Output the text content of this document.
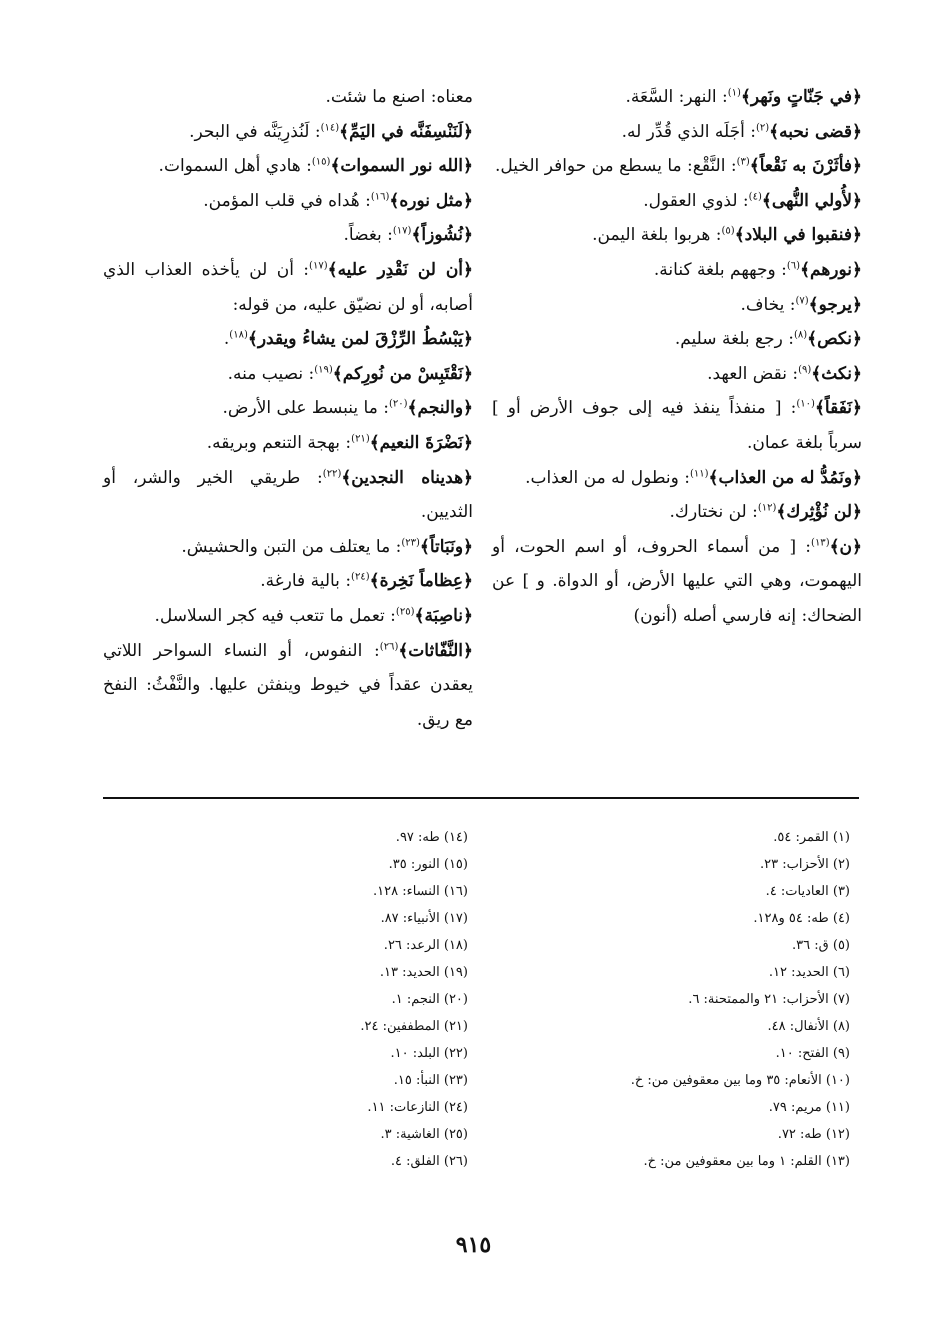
﴿في جَنّاتٍ ونَهر﴾$^{(١)}$: النهر: السَّعَة.

﴿قضى نحبه﴾$^{(٢)}$: أجَلَه الذي قُدِّر له.

﴿فأثَرْنَ به نَقْعاً﴾$^{(٣)}$: النَّقْع: ما يسطع من حوافر الخيل.

﴿لأُولي النُّهى﴾$^{(٤)}$: لذوي العقول.

﴿فنقبوا في البلاد﴾$^{(٥)}$: هربوا بلغة اليمن.

﴿نورهم﴾$^{(٦)}$: وجههم بلغة كنانة.

﴿يرجو﴾$^{(٧)}$: يخاف.

﴿نكص﴾$^{(٨)}$: رجع بلغة سليم.

﴿نكث﴾$^{(٩)}$: نقض العهد.

﴿نَفَقاً﴾$^{(١٠)}$: [ منفذاً ينفذ فيه إلى جوف الأرض أو ] سرباً بلغة عمان.

﴿ونَمُدُّ له من العذاب﴾$^{(١١)}$: ونطول له من العذاب.

﴿لن نُؤْثِرك﴾$^{(١٢)}$: لن نختارك.

﴿ن﴾$^{(١٣)}$: [ من أسماء الحروف، أو اسم الحوت، أو اليهموت، وهي التي عليها الأرض، أو الدواة. و ] عن الضحاك: إنه فارسي أصله (أنون)

معناه: اصنع ما شئت.

﴿لَنَنْسِفَنَّه في اليَمِّ﴾$^{(١٤)}$: لَنُذرِيَنَّه في البحر.

﴿الله نور السموات﴾$^{(١٥)}$: هادي أهل السموات.

﴿مثل نوره﴾$^{(١٦)}$: هُداه في قلب المؤمن.

﴿نُشُوزاً﴾$^{(١٧)}$: بغضاً.

﴿أن لن نَقْدِر عليه﴾$^{(١٧)}$: أن لن يأخذه العذاب الذي أصابه، أو لن نضيّق عليه، من قوله:

﴿يَبْسُطُ الرِّزْقَ لمن يشاءُ ويقدر﴾$^{(١٨)}$.

﴿نَقْتَبِسْ من نُورِكم﴾$^{(١٩)}$: نصيب منه.

﴿والنجم﴾$^{(٢٠)}$: ما ينبسط على الأرض.

﴿نَضْرَةَ النعيم﴾$^{(٢١)}$: بهجة التنعم وبريقه.

﴿هديناه النجدين﴾$^{(٢٢)}$: طريقي الخير والشر، أو الثديين.

﴿ونَبَاتاً﴾$^{(٢٣)}$: ما يعتلف من التبن والحشيش.

﴿عِظاماً نَخِرة﴾$^{(٢٤)}$: بالية فارغة.

﴿ناصِبَة﴾$^{(٢٥)}$: تعمل ما تتعب فيه كجر السلاسل.

﴿النَّفّاثات﴾$^{(٢٦)}$: النفوس، أو النساء السواحر اللاتي يعقدن عقداً في خيوط وينفثن عليها. والنَّفْثُ: النفخ مع ريق.

(١) القمر: ٥٤.
(٢) الأحزاب: ٢٣.
(٣) العاديات: ٤.
(٤) طه: ٥٤ و١٢٨.
(٥) ق: ٣٦.
(٦) الحديد: ١٢.
(٧) الأحزاب: ٢١ والممتحنة: ٦.
(٨) الأنفال: ٤٨.
(٩) الفتح: ١٠.
(١٠) الأنعام: ٣٥ وما بين معقوفين من: خ.
(١١) مريم: ٧٩.
(١٢) طه: ٧٢.
(١٣) القلم: ١ وما بين معقوفين من: خ.
(١٤) طه: ٩٧.
(١٥) النور: ٣٥.
(١٦) النساء: ١٢٨.
(١٧) الأنبياء: ٨٧.
(١٨) الرعد: ٢٦.
(١٩) الحديد: ١٣.
(٢٠) النجم: ١.
(٢١) المطففين: ٢٤.
(٢٢) البلد: ١٠.
(٢٣) النبأ: ١٥.
(٢٤) النازعات: ١١.
(٢٥) الغاشية: ٣.
(٢٦) الفلق: ٤.
٩١٥
